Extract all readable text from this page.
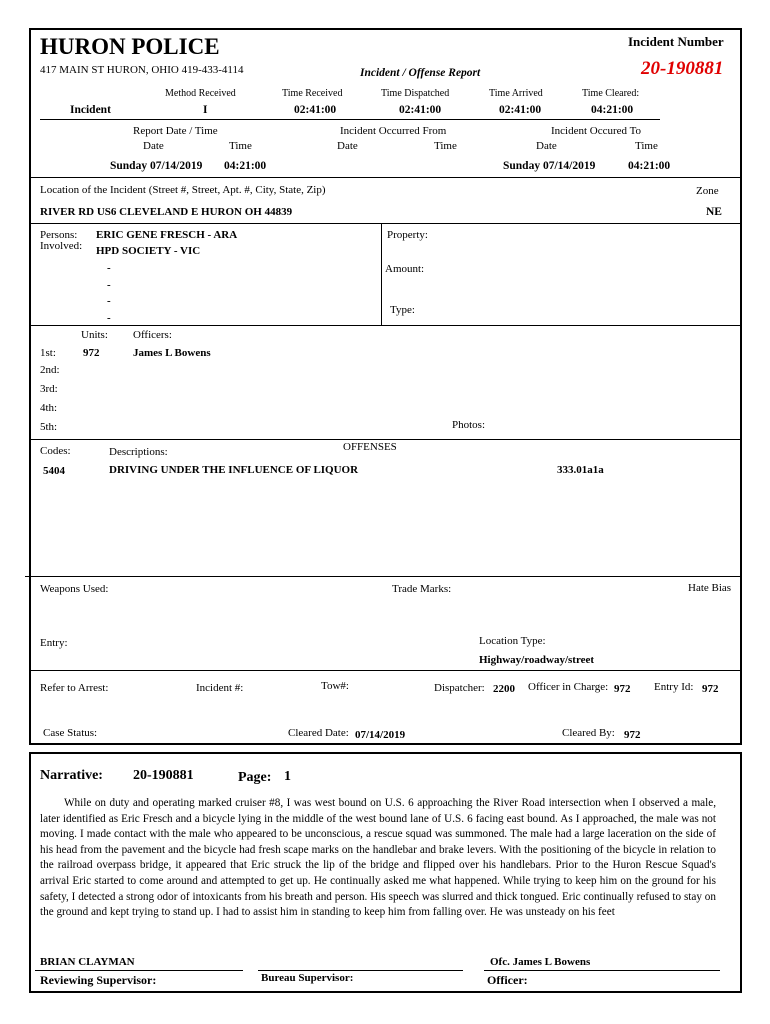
HURON POLICE
417 MAIN ST HURON, OHIO 419-433-4114	Incident / Offense Report
Incident Number
20-190881
Method Received	Time Received	Time Dispatched	Time Arrived	Time Cleared:
Incident	I	02:41:00	02:41:00	02:41:00	04:21:00
Report Date / Time	Incident Occurred From	Incident Occured To
Date	Time	Date	Time	Date	Time
Sunday 07/14/2019 04:21:00	Sunday 07/14/2019	04:21:00
Location of the Incident (Street #, Street, Apt. #, City, State, Zip)	Zone
RIVER RD US6 CLEVELAND E HURON OH 44839	NE
Persons:
Involved:
ERIC GENE FRESCH - ARA
HPD SOCIETY - VIC
-
-
-
-
Property:
Amount:
Type:
Units: Officers:
1st: 972	James L Bowens
2nd:
3rd:
4th:
5th:	Photos:
Codes:	Descriptions:	OFFENSES
5404	DRIVING UNDER THE INFLUENCE OF LIQUOR	333.01a1a
Weapons Used:	Trade Marks:	Hate Bias
Entry:	Location Type:
Highway/roadway/street
Refer to Arrest:	Incident #:	Tow#:	Dispatcher: 2200 Officer in Charge: 972 Entry Id: 972
Case Status:	Cleared Date: 07/14/2019	Cleared By: 972
Narrative: 20-190881	Page: 1
While on duty and operating marked cruiser #8, I was west bound on U.S. 6 approaching the River Road intersection when I observed a male, later identified as Eric Fresch and a bicycle lying in the middle of the west bound lane of U.S. 6 facing east bound. As I approached, the male was not moving. I made contact with the male who appeared to be unconscious, a rescue squad was summoned. The male had a large laceration on the side of his head from the pavement and the bicycle had fresh scape marks on the handlebar and brake levers. With the positioning of the bicycle in relation to the railroad overpass bridge, it appeared that Eric struck the lip of the bridge and flipped over his handlebars. Prior to the Huron Rescue Squad's arrival Eric started to come around and attempted to get up. He continually asked me what happened. While trying to keep him on the ground for his safety, I detected a strong odor of intoxicants from his breath and person. His speech was slurred and thick tongued. Eric continually refused to stay on the ground and kept trying to stand up. I had to assist him in standing to keep him from falling over. He was unsteady on his feet
BRIAN CLAYMAN
Reviewing Supervisor:	Bureau Supervisor:
Ofc. James L Bowens
Officer:
